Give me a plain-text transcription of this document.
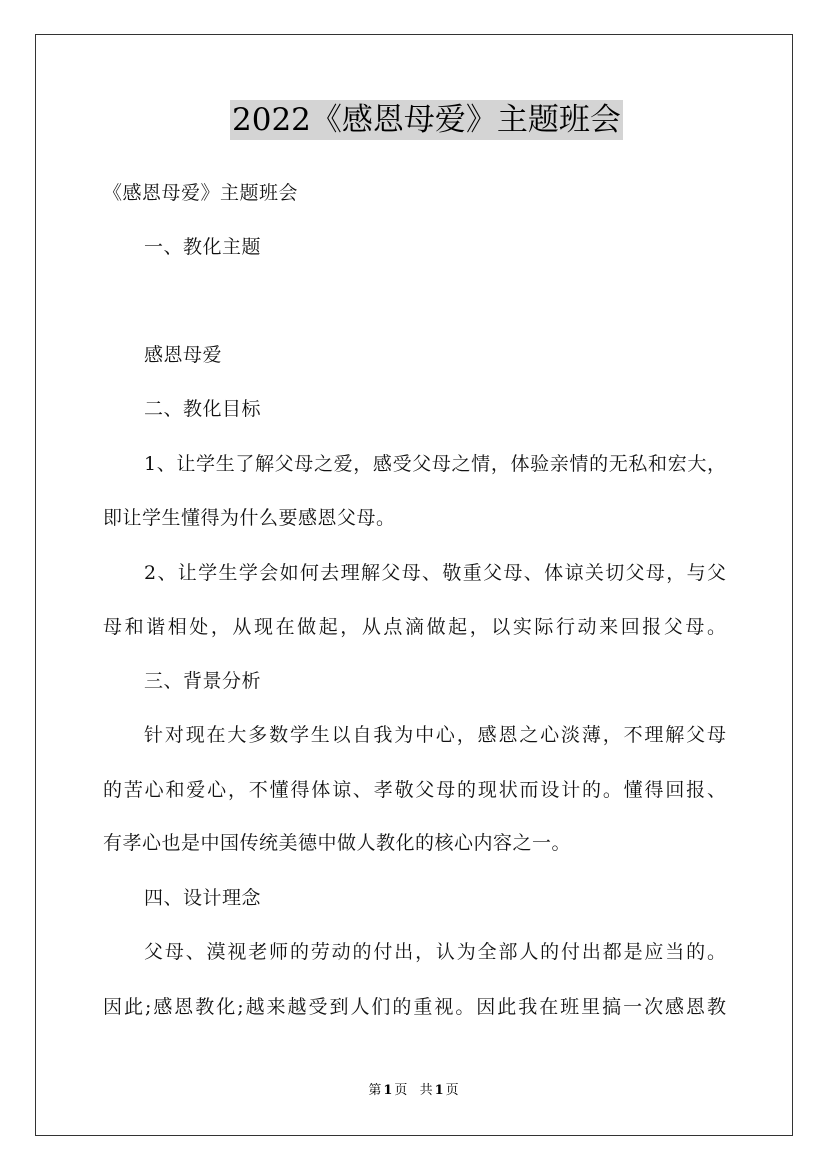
2022《感恩母爱》主题班会
《感恩母爱》主题班会
一、教化主题
感恩母爱
二、教化目标
1、让学生了解父母之爱，感受父母之情，体验亲情的无私和宏大，
即让学生懂得为什么要感恩父母。
2、让学生学会如何去理解父母、敬重父母、体谅关切父母，与父
母和谐相处，从现在做起，从点滴做起，以实际行动来回报父母。
三、背景分析
针对现在大多数学生以自我为中心，感恩之心淡薄，不理解父母
的苦心和爱心，不懂得体谅、孝敬父母的现状而设计的。懂得回报、
有孝心也是中国传统美德中做人教化的核心内容之一。
四、设计理念
父母、漠视老师的劳动的付出，认为全部人的付出都是应当的。
因此;感恩教化;越来越受到人们的重视。因此我在班里搞一次感恩教
第 1 页 共 1 页
